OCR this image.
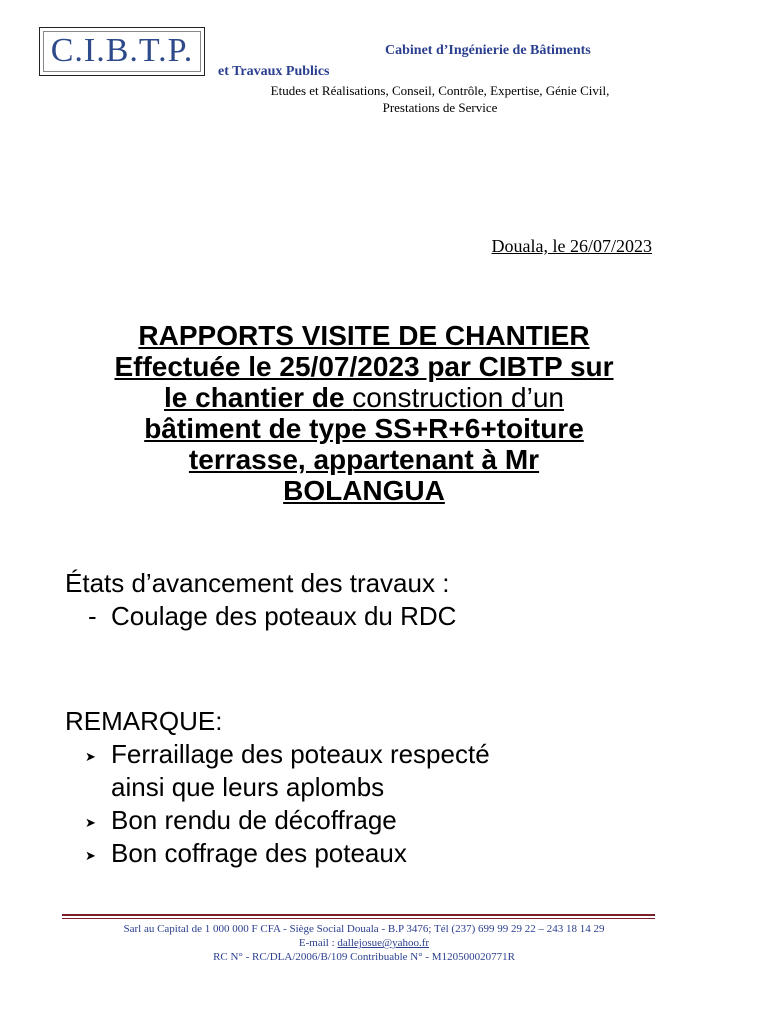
C.I.B.T.P.	Cabinet d’Ingénierie de Bâtiments
et Travaux Publics
Etudes et Réalisations, Conseil, Contrôle, Expertise, Génie Civil,
Prestations de Service
Douala, le 26/07/2023
RAPPORTS VISITE DE CHANTIER
Effectuée le 25/07/2023 par CIBTP sur
le chantier de construction d’un
bâtiment de type SS+R+6+toiture
terrasse, appartenant à Mr
BOLANGUA
États d’avancement des travaux :
- Coulage des poteaux du RDC
REMARQUE:
➤ Ferraillage des poteaux respecté
ainsi que leurs aplombs
➤ Bon rendu de décoffrage
➤ Bon coffrage des poteaux
Sarl au Capital de 1 000 000 F CFA - Siège Social Douala - B.P 3476; Tél (237) 699 99 29 22 – 243 18 14 29
E-mail : dallejosue@yahoo.fr
RC N° - RC/DLA/2006/B/109 Contribuable N° - M120500020771R
